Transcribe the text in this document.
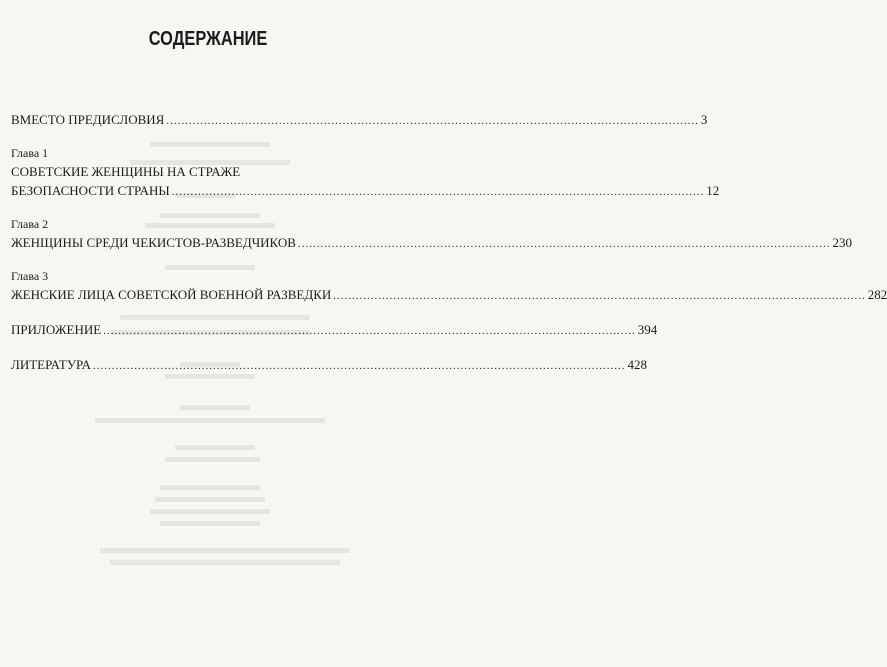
СОДЕРЖАНИЕ
ВМЕСТО ПРЕДИСЛОВИЯ .............................................................................................................................................. 3
Глава 1
СОВЕТСКИЕ ЖЕНЩИНЫ НА СТРАЖЕ
БЕЗОПАСНОСТИ СТРАНЫ .............................................................................................................................................. 12
Глава 2
ЖЕНЩИНЫ СРЕДИ ЧЕКИСТОВ-РАЗВЕДЧИКОВ .............................................................................................................................................. 230
Глава 3
ЖЕНСКИЕ ЛИЦА СОВЕТСКОЙ ВОЕННОЙ РАЗВЕДКИ .............................................................................................................................................. 282
ПРИЛОЖЕНИЕ .............................................................................................................................................. 394
ЛИТЕРАТУРА .............................................................................................................................................. 428
